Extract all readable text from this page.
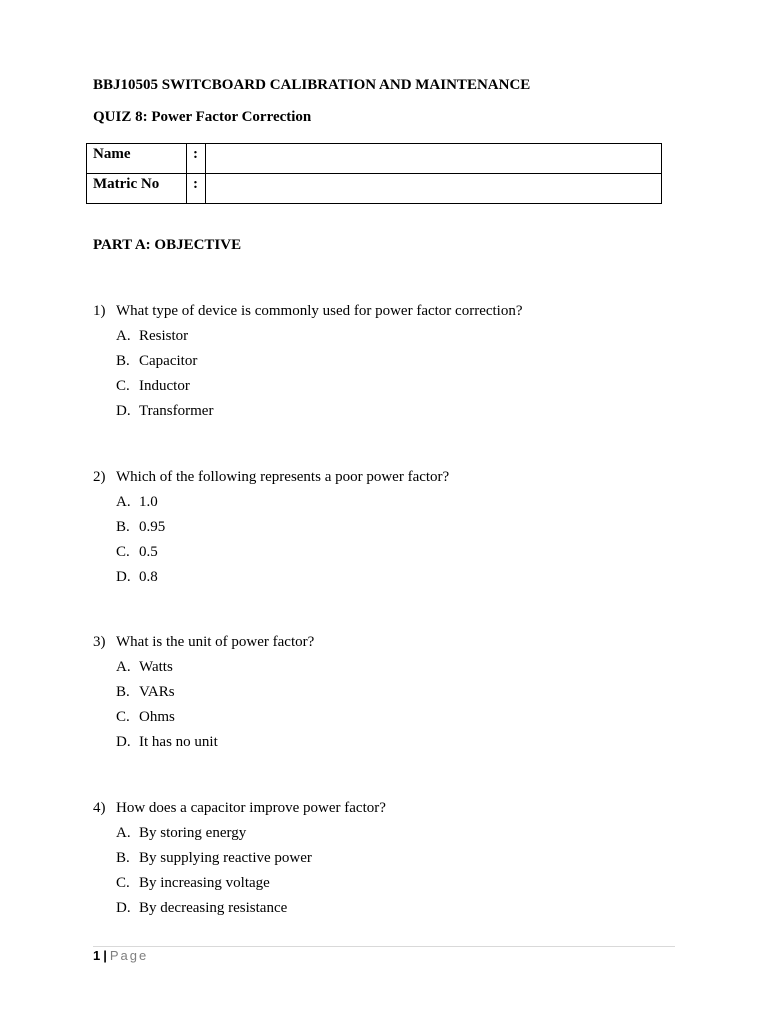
BBJ10505 SWITCBOARD CALIBRATION AND MAINTENANCE
QUIZ 8: Power Factor Correction
Name	:	
Matric No	:	
PART A: OBJECTIVE
1) What type of device is commonly used for power factor correction?
A. Resistor
B. Capacitor
C. Inductor
D. Transformer
2) Which of the following represents a poor power factor?
A. 1.0
B. 0.95
C. 0.5
D. 0.8
3) What is the unit of power factor?
A. Watts
B. VARs
C. Ohms
D. It has no unit
4) How does a capacitor improve power factor?
A. By storing energy
B. By supplying reactive power
C. By increasing voltage
D. By decreasing resistance
1 | Page
